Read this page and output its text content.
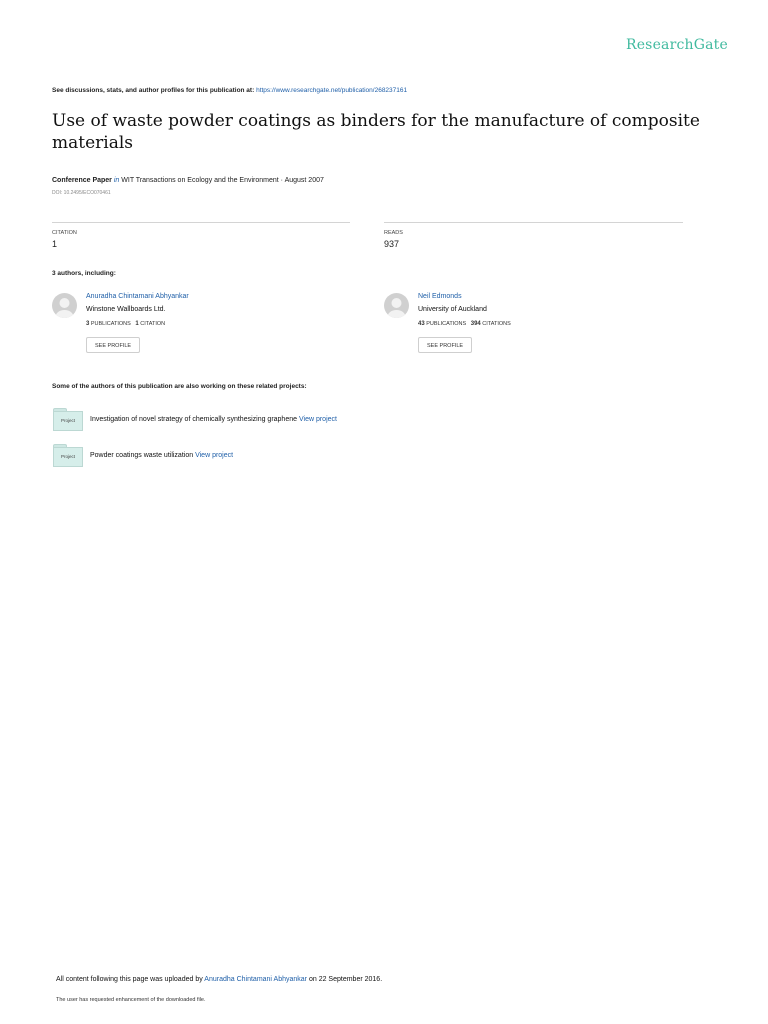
ResearchGate
See discussions, stats, and author profiles for this publication at: https://www.researchgate.net/publication/268237161
Use of waste powder coatings as binders for the manufacture of composite materials
Conference Paper in WIT Transactions on Ecology and the Environment · August 2007
DOI: 10.2495/ECO070461
CITATION
1
READS
937
3 authors, including:
Anuradha Chintamani Abhyankar
Winstone Wallboards Ltd.
3 PUBLICATIONS 1 CITATION
SEE PROFILE
Neil Edmonds
University of Auckland
43 PUBLICATIONS 394 CITATIONS
SEE PROFILE
Some of the authors of this publication are also working on these related projects:
Project	Investigation of novel strategy of chemically synthesizing graphene View project
Project	Powder coatings waste utilization View project
All content following this page was uploaded by Anuradha Chintamani Abhyankar on 22 September 2016.
The user has requested enhancement of the downloaded file.
